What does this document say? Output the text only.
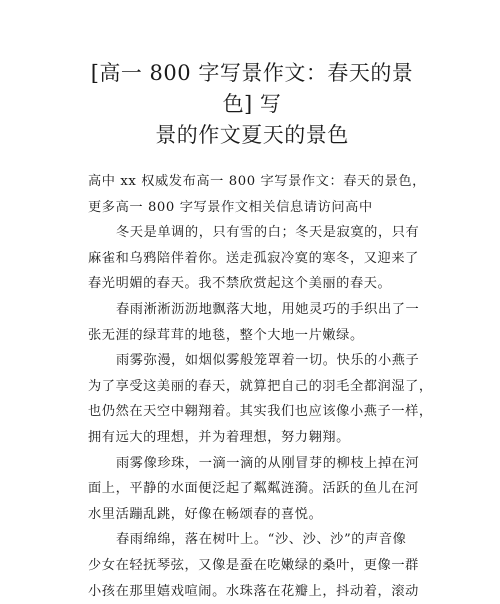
[高一 800 字写景作文：春天的景色] 写
景的作文夏天的景色

高中 xx 权威发布高一 800 字写景作文：春天的景色，
更多高一 800 字写景作文相关信息请访问高中

冬天是单调的，只有雪的白；冬天是寂寞的，只有
麻雀和乌鸦陪伴着你。送走孤寂冷寞的寒冬，又迎来了
春光明媚的春天。我不禁欣赏起这个美丽的春天。

春雨淅淅沥沥地飘落大地，用她灵巧的手织出了一
张无涯的绿茸茸的地毯，整个大地一片嫩绿。

雨雾弥漫，如烟似雾般笼罩着一切。快乐的小燕子
为了享受这美丽的春天，就算把自己的羽毛全都润湿了，
也仍然在天空中翱翔着。其实我们也应该像小燕子一样，
拥有远大的理想，并为着理想，努力翱翔。

雨雾像珍珠，一滴一滴的从刚冒芽的柳枝上掉在河
面上，平静的水面便泛起了粼粼涟漪。活跃的鱼儿在河
水里活蹦乱跳，好像在畅颂春的喜悦。

春雨绵绵，落在树叶上。“沙、沙、沙”的声音像
少女在轻抚琴弦，又像是蚕在吃嫩绿的桑叶，更像一群
小孩在那里嬉戏喧闹。水珠落在花瓣上，抖动着，滚动
